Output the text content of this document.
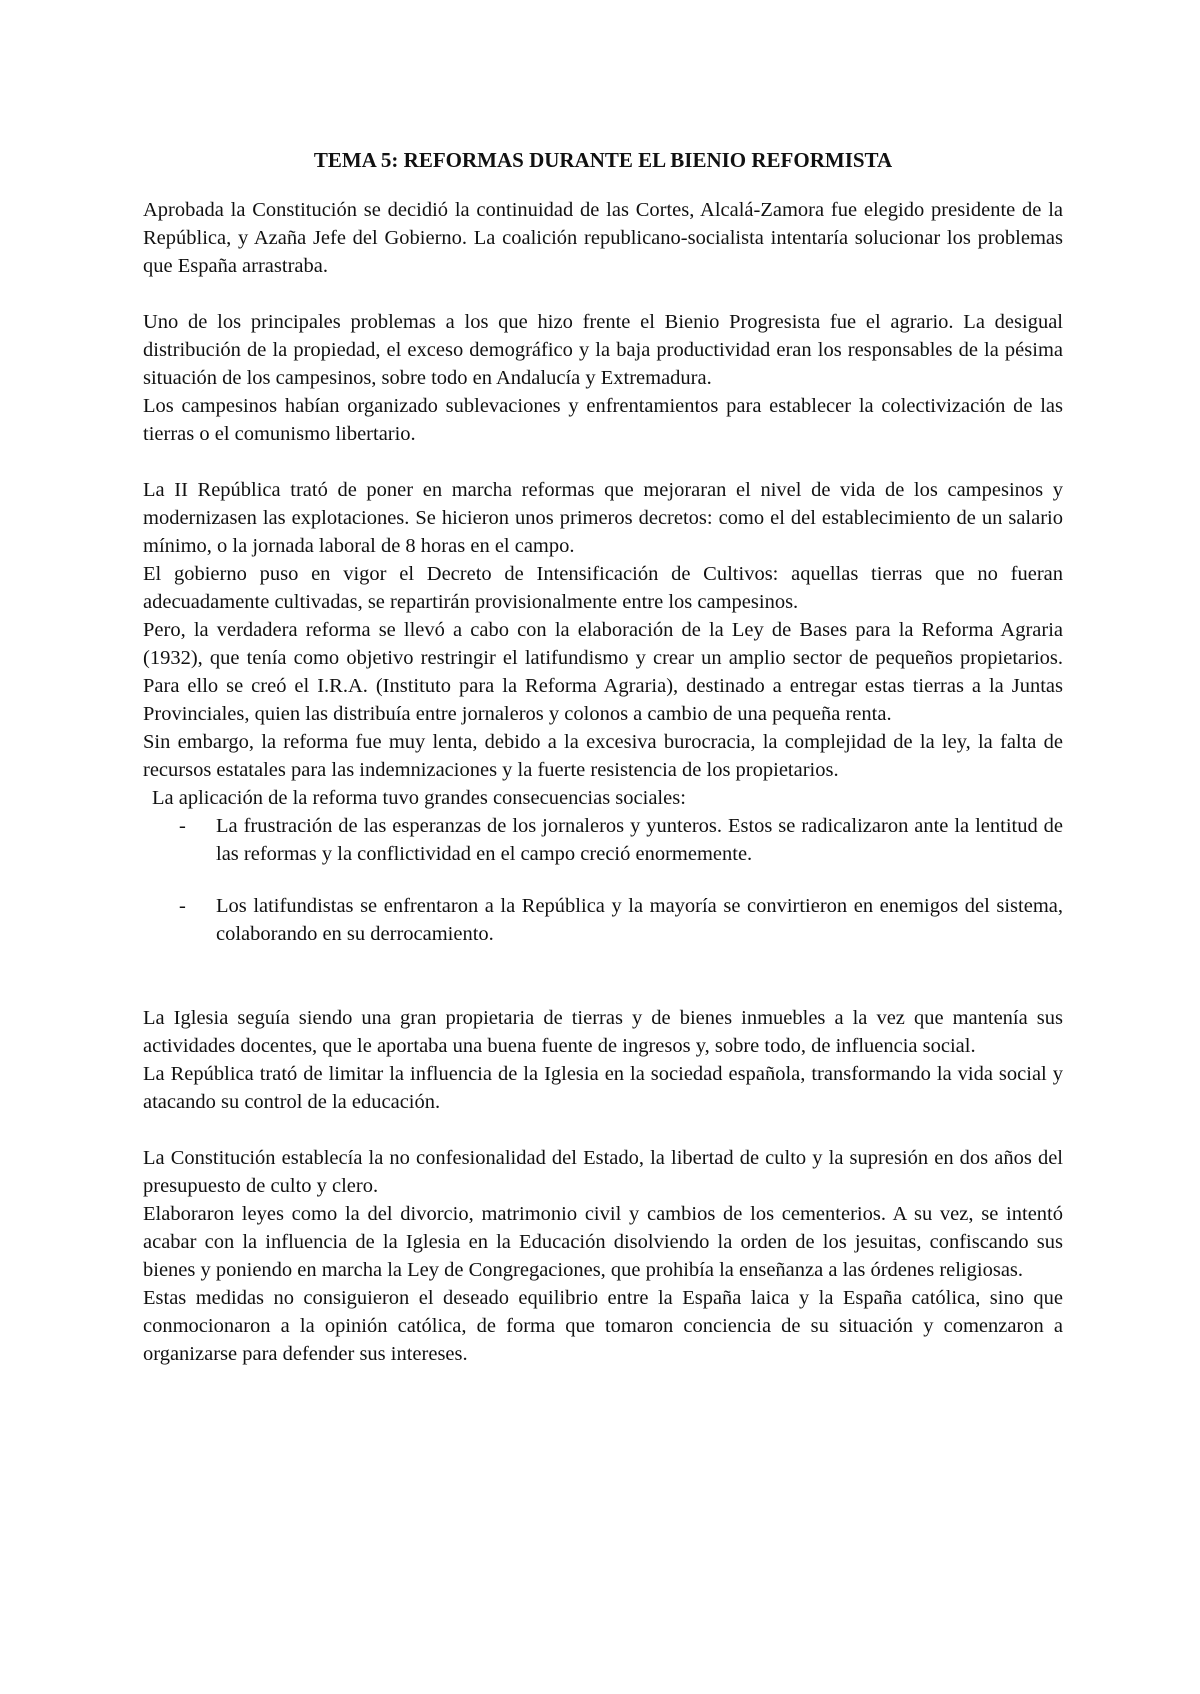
TEMA 5: REFORMAS DURANTE EL BIENIO REFORMISTA

Aprobada la Constitución se decidió la continuidad de las Cortes, Alcalá-Zamora fue elegido presidente de la República, y Azaña Jefe del Gobierno. La coalición republicano-socialista intentaría solucionar los problemas que España arrastraba.

Uno de los principales problemas a los que hizo frente el Bienio Progresista fue el agrario. La desigual distribución de la propiedad, el exceso demográfico y la baja productividad eran los responsables de la pésima situación de los campesinos, sobre todo en Andalucía y Extremadura.

Los campesinos habían organizado sublevaciones y enfrentamientos para establecer la colectivización de las tierras o el comunismo libertario.

La II República trató de poner en marcha reformas que mejoraran el nivel de vida de los campesinos y modernizasen las explotaciones. Se hicieron unos primeros decretos: como el del establecimiento de un salario mínimo, o la jornada laboral de 8 horas en el campo.

El gobierno puso en vigor el Decreto de Intensificación de Cultivos: aquellas tierras que no fueran adecuadamente cultivadas, se repartirán provisionalmente entre los campesinos.

Pero, la verdadera reforma se llevó a cabo con la elaboración de la Ley de Bases para la Reforma Agraria (1932), que tenía como objetivo restringir el latifundismo y crear un amplio sector de pequeños propietarios. Para ello se creó el I.R.A. (Instituto para la Reforma Agraria), destinado a entregar estas tierras a la Juntas Provinciales, quien las distribuía entre jornaleros y colonos a cambio de una pequeña renta.

Sin embargo, la reforma fue muy lenta, debido a la excesiva burocracia, la complejidad de la ley, la falta de recursos estatales para las indemnizaciones y la fuerte resistencia de los propietarios.

La aplicación de la reforma tuvo grandes consecuencias sociales:

- La frustración de las esperanzas de los jornaleros y yunteros. Estos se radicalizaron ante la lentitud de las reformas y la conflictividad en el campo creció enormemente.
- Los latifundistas se enfrentaron a la República y la mayoría se convirtieron en enemigos del sistema, colaborando en su derrocamiento.

La Iglesia seguía siendo una gran propietaria de tierras y de bienes inmuebles a la vez que mantenía sus actividades docentes, que le aportaba una buena fuente de ingresos y, sobre todo, de influencia social.

La República trató de limitar la influencia de la Iglesia en la sociedad española, transformando la vida social y atacando su control de la educación.

La Constitución establecía la no confesionalidad del Estado, la libertad de culto y la supresión en dos años del presupuesto de culto y clero.

Elaboraron leyes como la del divorcio, matrimonio civil y cambios de los cementerios. A su vez, se intentó acabar con la influencia de la Iglesia en la Educación disolviendo la orden de los jesuitas, confiscando sus bienes y poniendo en marcha la Ley de Congregaciones, que prohibía la enseñanza a las órdenes religiosas.

Estas medidas no consiguieron el deseado equilibrio entre la España laica y la España católica, sino que conmocionaron a la opinión católica, de forma que tomaron conciencia de su situación y comenzaron a organizarse para defender sus intereses.
